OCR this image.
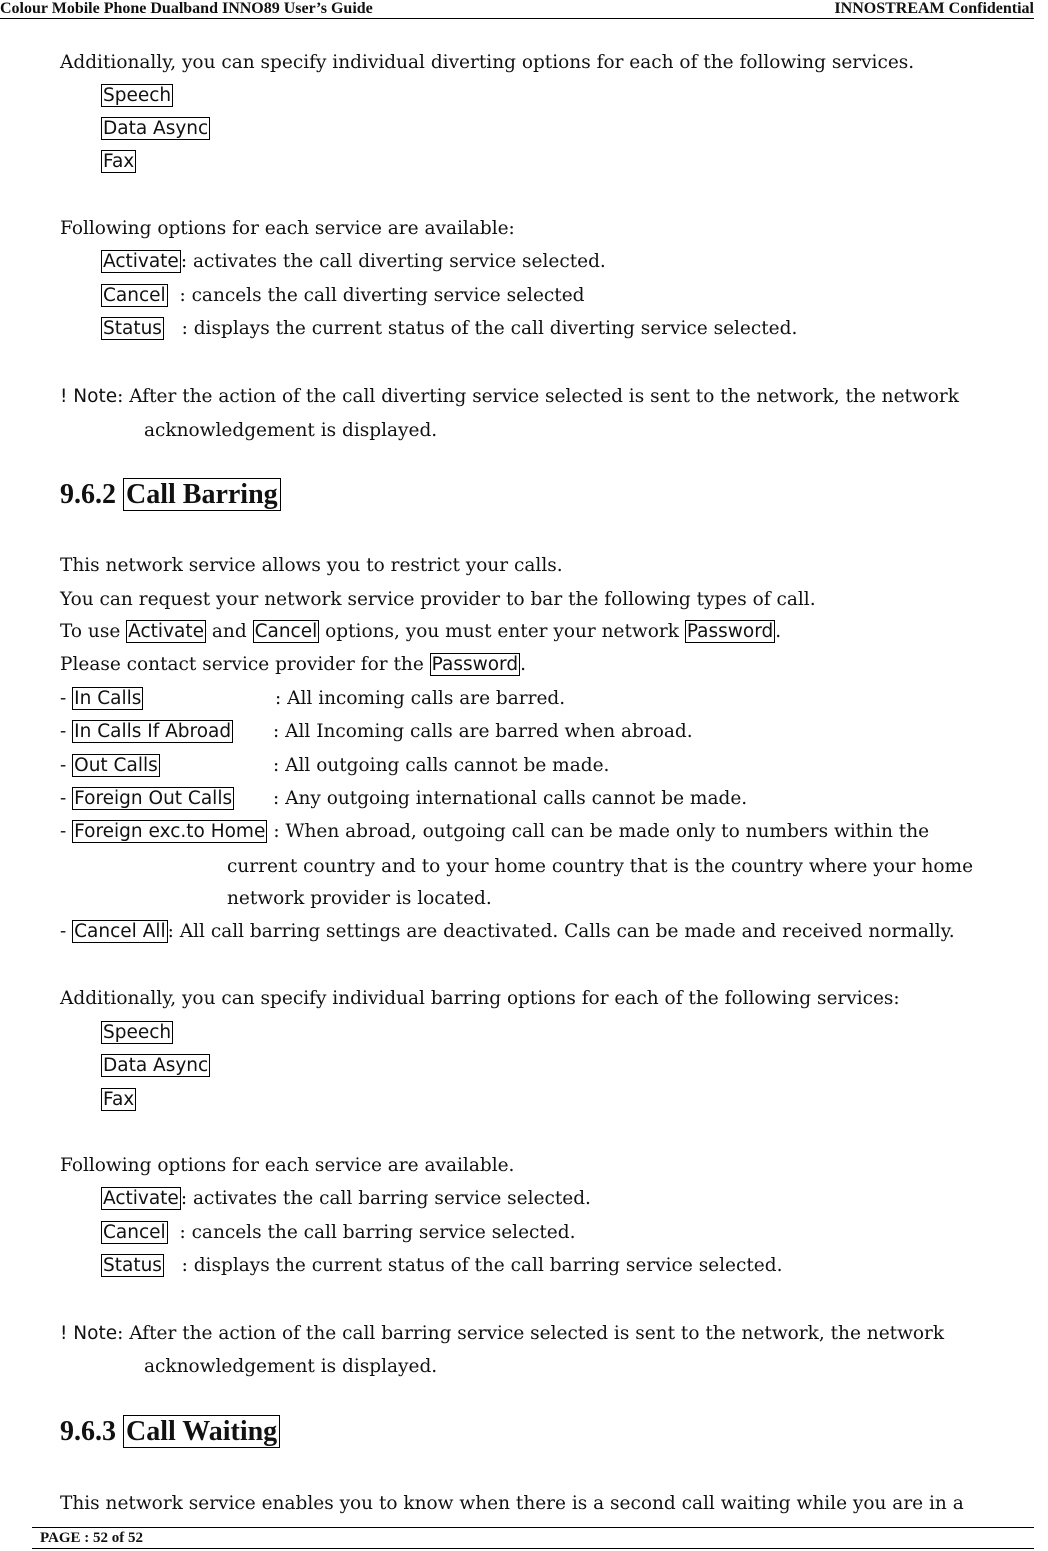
Colour Mobile Phone Dualband INNO89 User’s Guide	INNOSTREAM Confidential
Additionally, you can specify individual diverting options for each of the following services.
Speech
Data Async
Fax
Following options for each service are available:
Activate : activates the call diverting service selected.
Cancel  : cancels the call diverting service selected
Status   : displays the current status of the call diverting service selected.
! Note: After the action of the call diverting service selected is sent to the network, the network
acknowledgement is displayed.
9.6.2 Call Barring
This network service allows you to restrict your calls.
You can request your network service provider to bar the following types of call.
To use Activate and Cancel options, you must enter your network Password .
Please contact service provider for the Password .
- In Calls	: All incoming calls are barred.
- In Calls If Abroad : All Incoming calls are barred when abroad.
- Out Calls	: All outgoing calls cannot be made.
- Foreign Out Calls : Any outgoing international calls cannot be made.
- Foreign exc.to Home : When abroad, outgoing call can be made only to numbers within the
current country and to your home country that is the country where your home
network provider is located.
- Cancel All : All call barring settings are deactivated. Calls can be made and received normally.
Additionally, you can specify individual barring options for each of the following services:
Speech
Data Async
Fax
Following options for each service are available.
Activate : activates the call barring service selected.
Cancel  : cancels the call barring service selected.
Status   : displays the current status of the call barring service selected.
! Note: After the action of the call barring service selected is sent to the network, the network
acknowledgement is displayed.
9.6.3 Call Waiting
This network service enables you to know when there is a second call waiting while you are in a
PAGE : 52 of 52
